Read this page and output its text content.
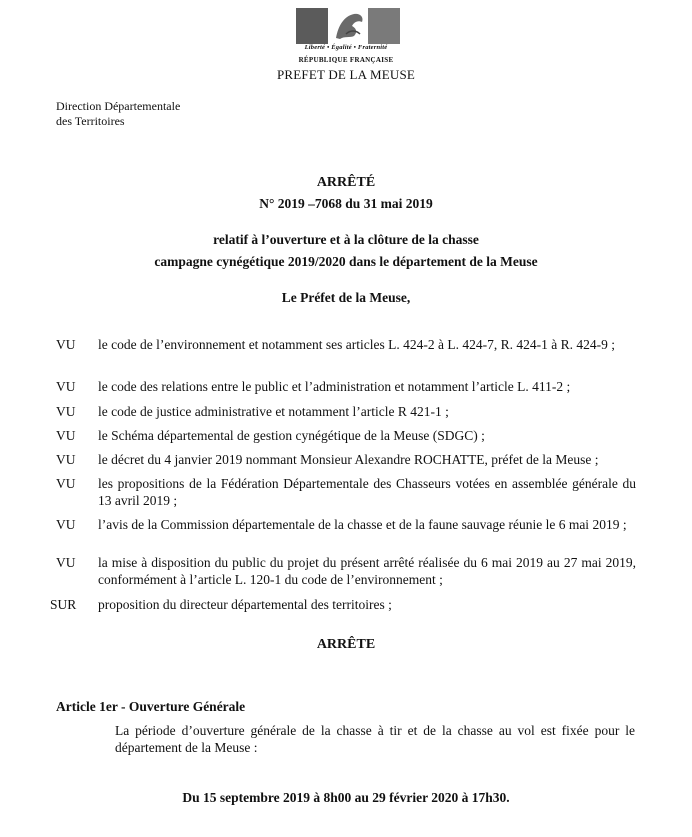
Liberté • Égalité • Fraternité
RÉPUBLIQUE FRANÇAISE
PREFET DE LA MEUSE
Direction Départementale
des Territoires
ARRÊTÉ
N° 2019 –7068 du 31 mai 2019
relatif à l’ouverture et à la clôture de la chasse
campagne cynégétique 2019/2020 dans le département de la Meuse
Le Préfet de la Meuse,
VU le code de l’environnement et notamment ses articles L. 424-2 à L. 424-7, R. 424-1 à R. 424-9 ;
VU le code des relations entre le public et l’administration et notamment l’article L. 411-2 ;
VU le code de justice administrative et notamment l’article R 421-1 ;
VU le Schéma départemental de gestion cynégétique de la Meuse (SDGC) ;
VU le décret du 4 janvier 2019 nommant Monsieur Alexandre ROCHATTE, préfet de la Meuse ;
VU les propositions de la Fédération Départementale des Chasseurs votées en assemblée générale du 13 avril 2019 ;
VU l’avis de la Commission départementale de la chasse et de la faune sauvage réunie le 6 mai 2019 ;
VU la mise à disposition du public du projet du présent arrêté réalisée du 6 mai 2019 au 27 mai 2019, conformément à l’article L. 120-1 du code de l’environnement ;
SUR proposition du directeur départemental des territoires ;
ARRÊTE
Article 1er - Ouverture Générale
La période d’ouverture générale de la chasse à tir et de la chasse au vol est fixée pour le département de la Meuse :
Du 15 septembre 2019 à 8h00 au 29 février 2020 à 17h30.
